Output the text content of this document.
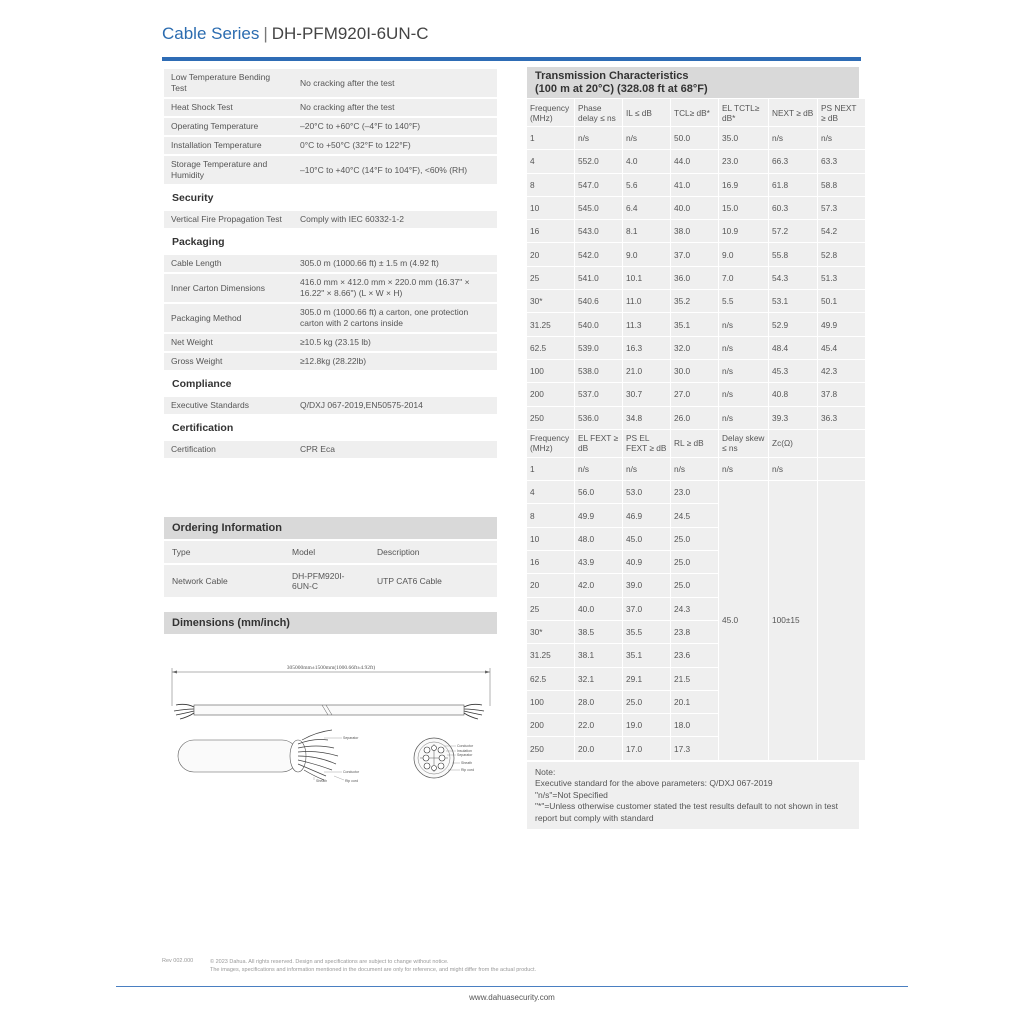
Cable Series | DH-PFM920I-6UN-C
Low Temperature Bending Test	No cracking after the test
Heat Shock Test	No cracking after the test
Operating Temperature	–20°C to +60°C (–4°F to 140°F)
Installation Temperature	0°C to +50°C (32°F to 122°F)
Storage Temperature and Humidity	–10°C to +40°C (14°F to 104°F), <60% (RH)
Security
Vertical Fire Propagation Test	Comply with IEC 60332-1-2
Packaging
Cable Length	305.0 m (1000.66 ft) ± 1.5 m (4.92 ft)
Inner Carton Dimensions	416.0 mm × 412.0 mm × 220.0 mm (16.37" × 16.22" × 8.66") (L × W × H)
Packaging Method	305.0 m (1000.66 ft) a carton, one protection carton with 2 cartons inside
Net Weight	≥10.5 kg (23.15 lb)
Gross Weight	≥12.8kg (28.22lb)
Compliance
Executive Standards	Q/DXJ 067-2019,EN50575-2014
Certification
Certification	CPR Eca
Ordering Information
Type	Model	Description
Network Cable	DH-PFM920I-6UN-C	UTP CAT6 Cable
Dimensions (mm/inch)
305000mm±1500mm(1000.66ft±4.92ft)
Separator
Conductor
Sheath	Rip cord
Conductor
Insulation
Separator
Sheath
Rip cord
Transmission Characteristics
(100 m at 20°C) (328.08 ft at 68°F)
Frequency (MHz)	Phase delay ≤ ns	IL ≤ dB	TCL≥ dB*	EL TCTL≥ dB*	NEXT ≥ dB	PS NEXT ≥ dB
1	n/s	n/s	50.0	35.0	n/s	n/s
4	552.0	4.0	44.0	23.0	66.3	63.3
8	547.0	5.6	41.0	16.9	61.8	58.8
10	545.0	6.4	40.0	15.0	60.3	57.3
16	543.0	8.1	38.0	10.9	57.2	54.2
20	542.0	9.0	37.0	9.0	55.8	52.8
25	541.0	10.1	36.0	7.0	54.3	51.3
30*	540.6	11.0	35.2	5.5	53.1	50.1
31.25	540.0	11.3	35.1	n/s	52.9	49.9
62.5	539.0	16.3	32.0	n/s	48.4	45.4
100	538.0	21.0	30.0	n/s	45.3	42.3
200	537.0	30.7	27.0	n/s	40.8	37.8
250	536.0	34.8	26.0	n/s	39.3	36.3
Frequency (MHz)	EL FEXT ≥ dB	PS EL FEXT ≥ dB	RL ≥ dB	Delay skew ≤ ns	Zc(Ω)	
1	n/s	n/s	n/s	n/s	n/s	
4	56.0	53.0	23.0	45.0	100±15	
8	49.9	46.9	24.5			
10	48.0	45.0	25.0			
16	43.9	40.9	25.0			
20	42.0	39.0	25.0			
25	40.0	37.0	24.3			
30*	38.5	35.5	23.8			
31.25	38.1	35.1	23.6			
62.5	32.1	29.1	21.5			
100	28.0	25.0	20.1			
200	22.0	19.0	18.0			
250	20.0	17.0	17.3			
Note:
Executive standard for the above parameters: Q/DXJ 067-2019
"n/s"=Not Specified
"*"=Unless otherwise customer stated the test results default to not shown in test report but comply with standard
Rev 002.000	© 2023 Dahua. All rights reserved. Design and specifications are subject to change without notice.
The images, specifications and information mentioned in the document are only for reference, and might differ from the actual product.
www.dahuasecurity.com
